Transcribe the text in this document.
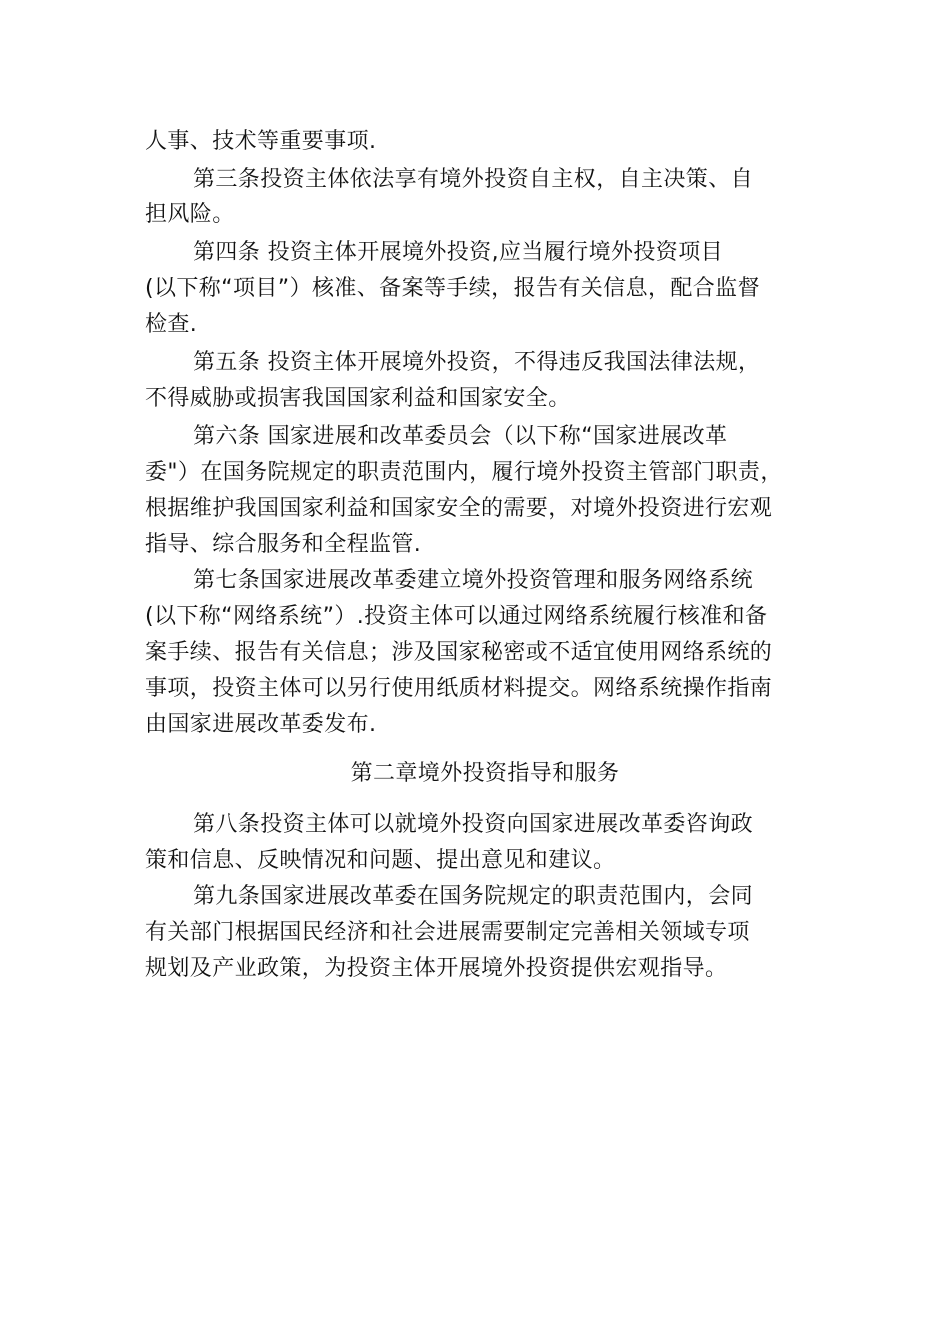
人事、技术等重要事项.
第三条投资主体依法享有境外投资自主权，自主决策、自
担风险。
第四条 投资主体开展境外投资,应当履行境外投资项目
(以下称“项目”）核准、备案等手续，报告有关信息，配合监督
检查.
第五条 投资主体开展境外投资，不得违反我国法律法规，
不得威胁或损害我国国家利益和国家安全。
第六条 国家进展和改革委员会（以下称“国家进展改革
委"）在国务院规定的职责范围内，履行境外投资主管部门职责，
根据维护我国国家利益和国家安全的需要，对境外投资进行宏观
指导、综合服务和全程监管.
第七条国家进展改革委建立境外投资管理和服务网络系统
(以下称“网络系统”）.投资主体可以通过网络系统履行核准和备
案手续、报告有关信息；涉及国家秘密或不适宜使用网络系统的
事项，投资主体可以另行使用纸质材料提交。网络系统操作指南
由国家进展改革委发布.
第二章境外投资指导和服务
第八条投资主体可以就境外投资向国家进展改革委咨询政
策和信息、反映情况和问题、提出意见和建议。
第九条国家进展改革委在国务院规定的职责范围内，会同
有关部门根据国民经济和社会进展需要制定完善相关领域专项
规划及产业政策，为投资主体开展境外投资提供宏观指导。
